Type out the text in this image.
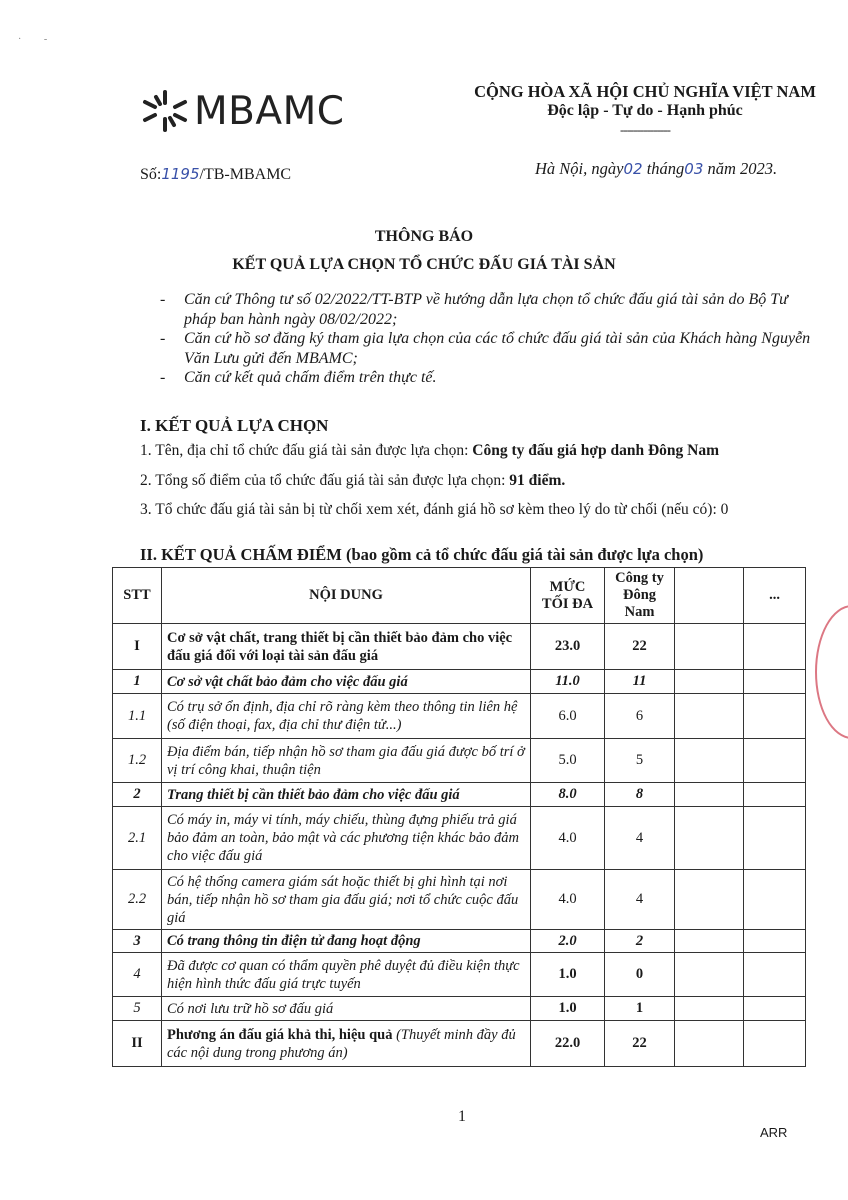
·         -
MBAMC	CỘNG HÒA XÃ HỘI CHỦ NGHĨA VIỆT NAM
Độc lập - Tự do - Hạnh phúc
---------------
Số:1195/TB-MBAMC	Hà Nội, ngày02 tháng03 năm 2023.
THÔNG BÁO
KẾT QUẢ LỰA CHỌN TỔ CHỨC ĐẤU GIÁ TÀI SẢN
-	Căn cứ Thông tư số 02/2022/TT-BTP về hướng dẫn lựa chọn tổ chức đấu giá tài sản do Bộ Tư pháp ban hành ngày 08/02/2022;
-	Căn cứ hồ sơ đăng ký tham gia lựa chọn của các tổ chức đấu giá tài sản của Khách hàng Nguyễn Văn Lưu gửi đến MBAMC;
-	Căn cứ kết quả chấm điểm trên thực tế.
I. KẾT QUẢ LỰA CHỌN
1. Tên, địa chỉ tổ chức đấu giá tài sản được lựa chọn: Công ty đấu giá hợp danh Đông Nam
2. Tổng số điểm của tổ chức đấu giá tài sản được lựa chọn: 91 điểm.
3. Tổ chức đấu giá tài sản bị từ chối xem xét, đánh giá hồ sơ kèm theo lý do từ chối (nếu có): 0
II. KẾT QUẢ CHẤM ĐIỂM (bao gồm cả tổ chức đấu giá tài sản được lựa chọn)
STT	NỘI DUNG	MỨC TỐI ĐA	Công ty Đông Nam		...
I	Cơ sở vật chất, trang thiết bị cần thiết bảo đảm cho việc đấu giá đối với loại tài sản đấu giá	23.0	22		
1	Cơ sở vật chất bảo đảm cho việc đấu giá	11.0	11		
1.1	Có trụ sở ổn định, địa chỉ rõ ràng kèm theo thông tin liên hệ (số điện thoại, fax, địa chỉ thư điện tử...)	6.0	6		
1.2	Địa điểm bán, tiếp nhận hồ sơ tham gia đấu giá được bố trí ở vị trí công khai, thuận tiện	5.0	5		
2	Trang thiết bị cần thiết bảo đảm cho việc đấu giá	8.0	8		
2.1	Có máy in, máy vi tính, máy chiếu, thùng đựng phiếu trả giá bảo đảm an toàn, bảo mật và các phương tiện khác bảo đảm cho việc đấu giá	4.0	4		
2.2	Có hệ thống camera giám sát hoặc thiết bị ghi hình tại nơi bán, tiếp nhận hồ sơ tham gia đấu giá; nơi tổ chức cuộc đấu giá	4.0	4		
3	Có trang thông tin điện tử đang hoạt động	2.0	2		
4	Đã được cơ quan có thẩm quyền phê duyệt đủ điều kiện thực hiện hình thức đấu giá trực tuyến	1.0	0		
5	Có nơi lưu trữ hồ sơ đấu giá	1.0	1		
II	Phương án đấu giá khả thi, hiệu quả (Thuyết minh đầy đủ các nội dung trong phương án)	22.0	22		
1
ARR
